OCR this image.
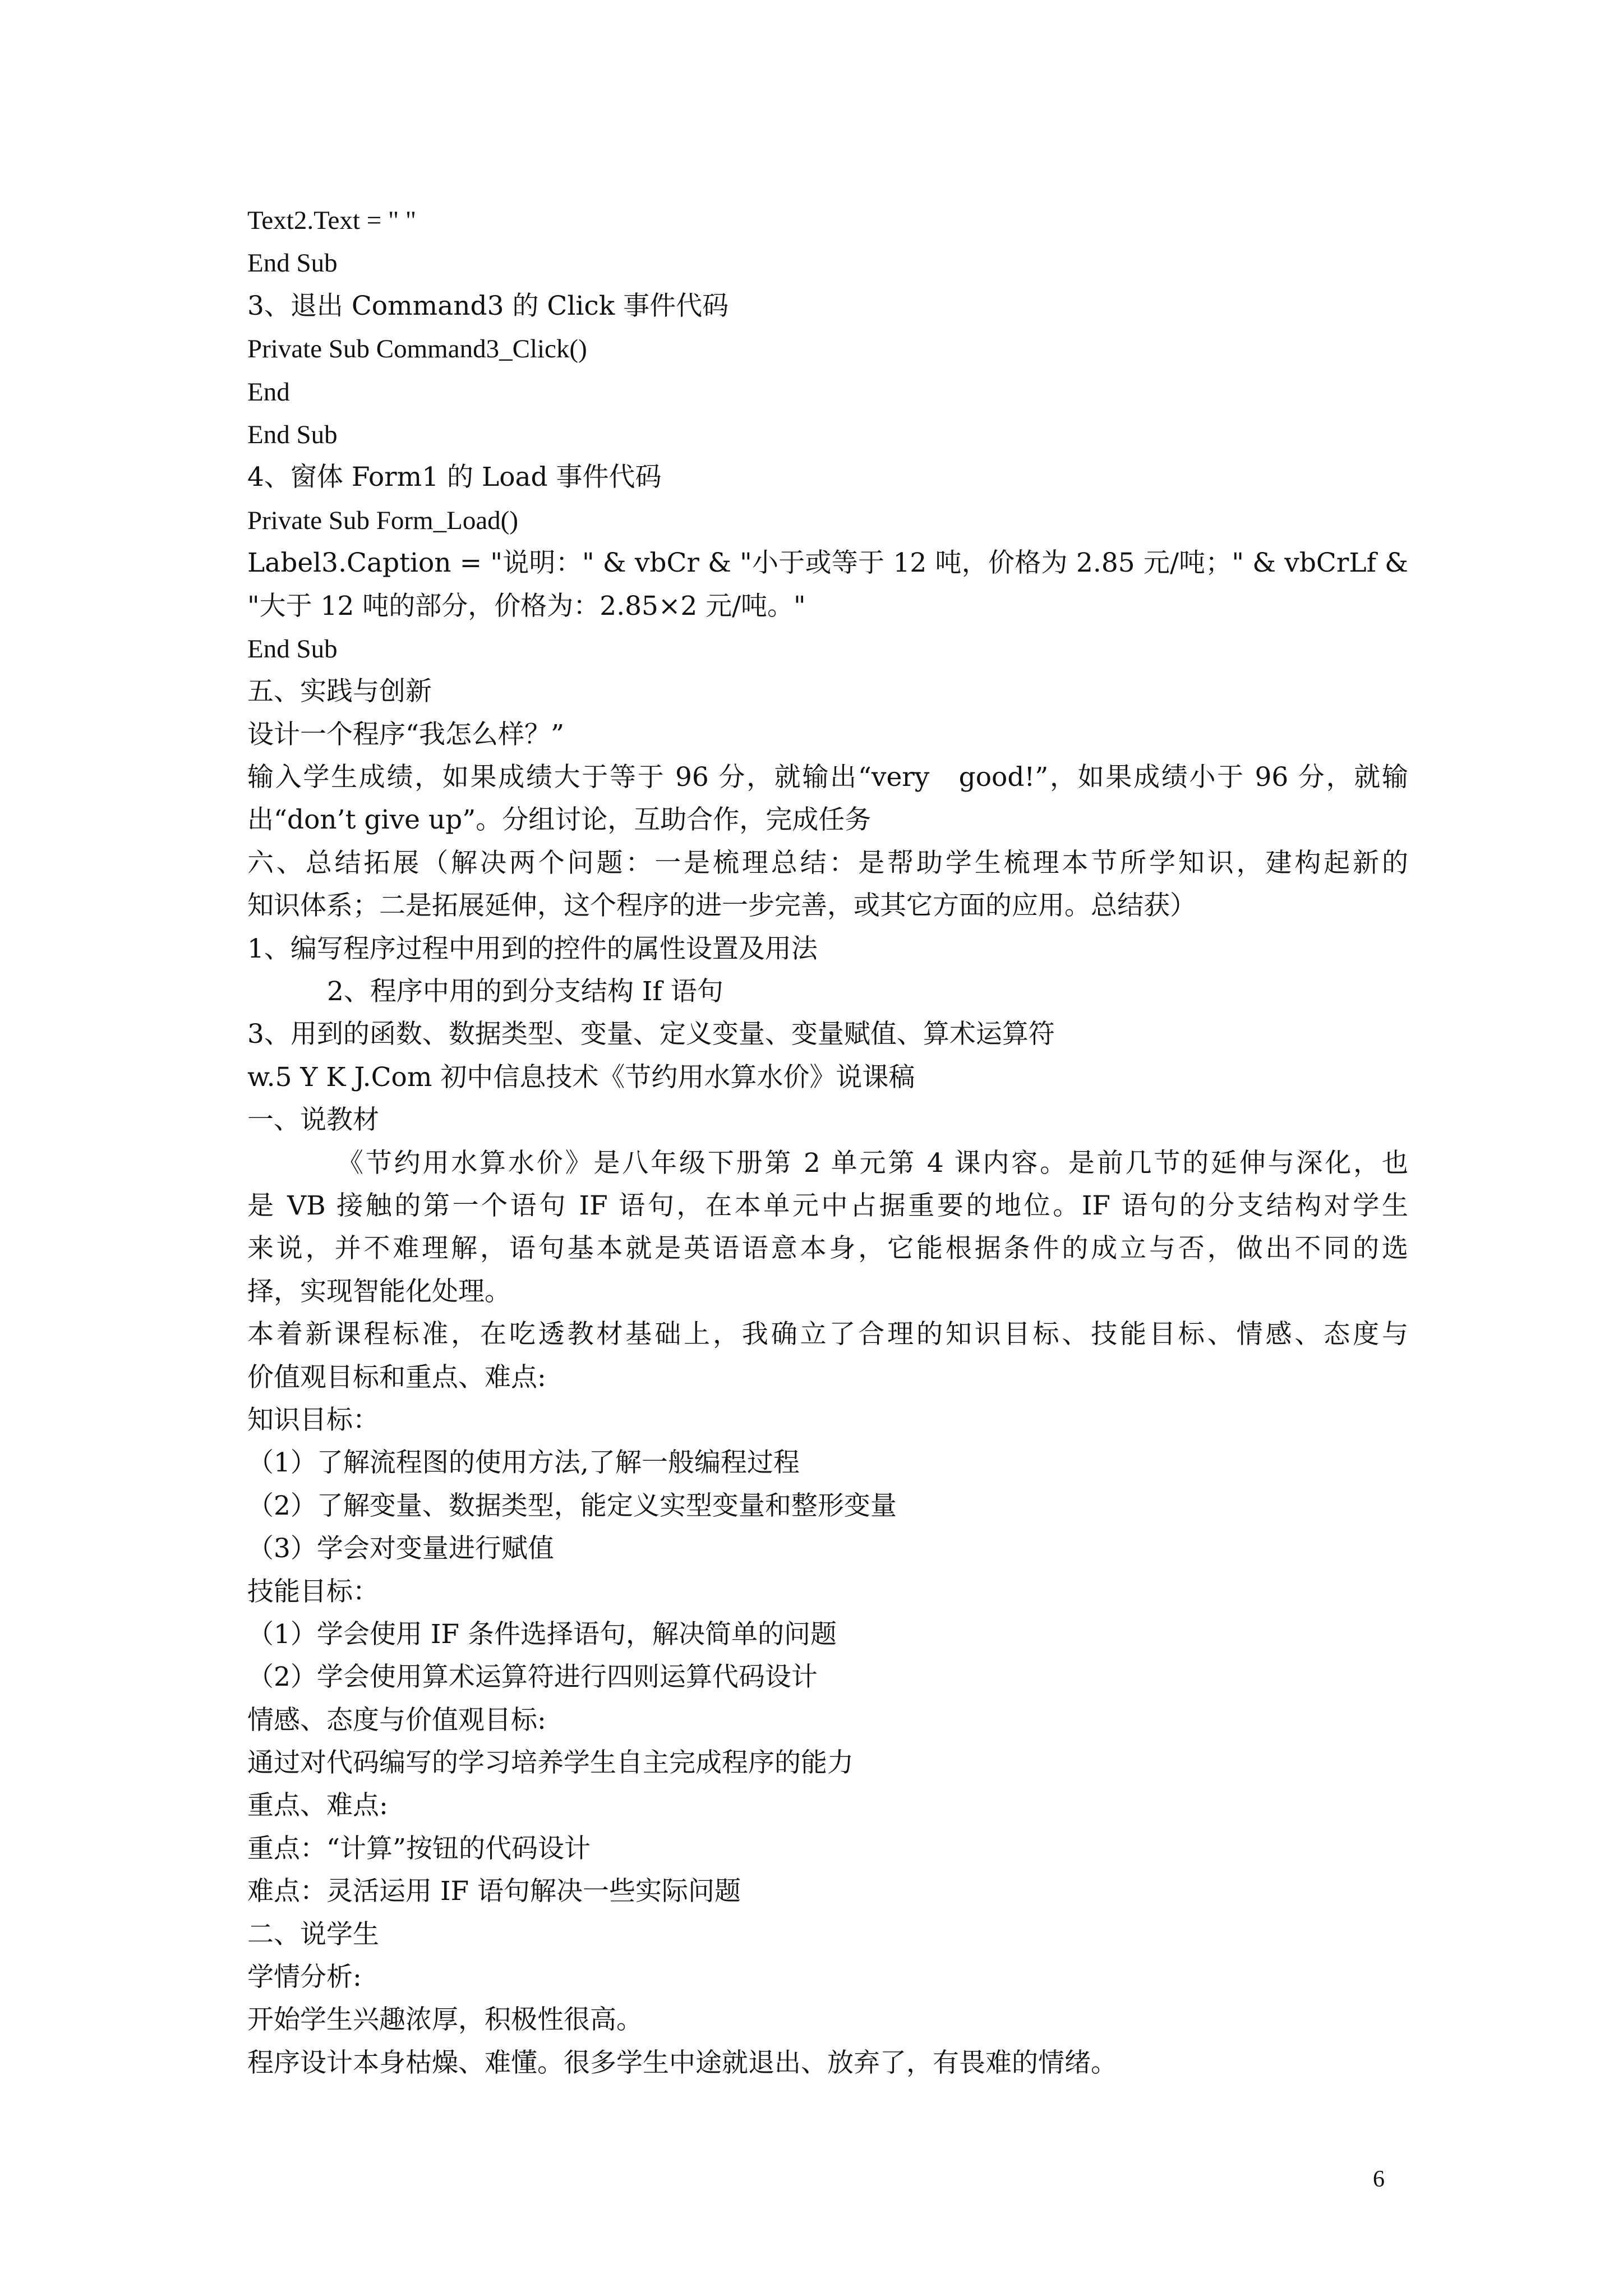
Text2.Text = " "
End Sub
3、退出 Command3 的 Click 事件代码
Private Sub Command3_Click()
End
End Sub
4、窗体 Form1 的 Load 事件代码
Private Sub Form_Load()
Label3.Caption = "说明：" & vbCr & "小于或等于 12 吨，价格为 2.85 元/吨；" & vbCrLf &
"大于 12 吨的部分，价格为：2.85×2 元/吨。"
End Sub
五、实践与创新
设计一个程序“我怎么样？”
输入学生成绩，如果成绩大于等于 96 分，就输出“very　good!”，如果成绩小于 96 分，就输
出“don’t give up”。分组讨论，互助合作，完成任务
六、总结拓展（解决两个问题：一是梳理总结：是帮助学生梳理本节所学知识，建构起新的
知识体系；二是拓展延伸，这个程序的进一步完善，或其它方面的应用。总结获）
1、编写程序过程中用到的控件的属性设置及用法
2、程序中用的到分支结构 If 语句
3、用到的函数、数据类型、变量、定义变量、变量赋值、算术运算符
w.5 Y K J.Com 初中信息技术《节约用水算水价》说课稿
一、说教材
《节约用水算水价》是八年级下册第 2 单元第 4 课内容。是前几节的延伸与深化，也
是 VB 接触的第一个语句 IF 语句，在本单元中占据重要的地位。IF 语句的分支结构对学生
来说，并不难理解，语句基本就是英语语意本身，它能根据条件的成立与否，做出不同的选
择，实现智能化处理。
本着新课程标准，在吃透教材基础上，我确立了合理的知识目标、技能目标、情感、态度与
价值观目标和重点、难点:
知识目标：
（1）了解流程图的使用方法,了解一般编程过程
（2）了解变量、数据类型，能定义实型变量和整形变量
（3）学会对变量进行赋值
技能目标：
（1）学会使用 IF 条件选择语句，解决简单的问题
（2）学会使用算术运算符进行四则运算代码设计
情感、态度与价值观目标:
通过对代码编写的学习培养学生自主完成程序的能力
重点、难点:
重点：“计算”按钮的代码设计
难点：灵活运用 IF 语句解决一些实际问题
二、说学生
学情分析:
开始学生兴趣浓厚，积极性很高。
程序设计本身枯燥、难懂。很多学生中途就退出、放弃了，有畏难的情绪。
6
